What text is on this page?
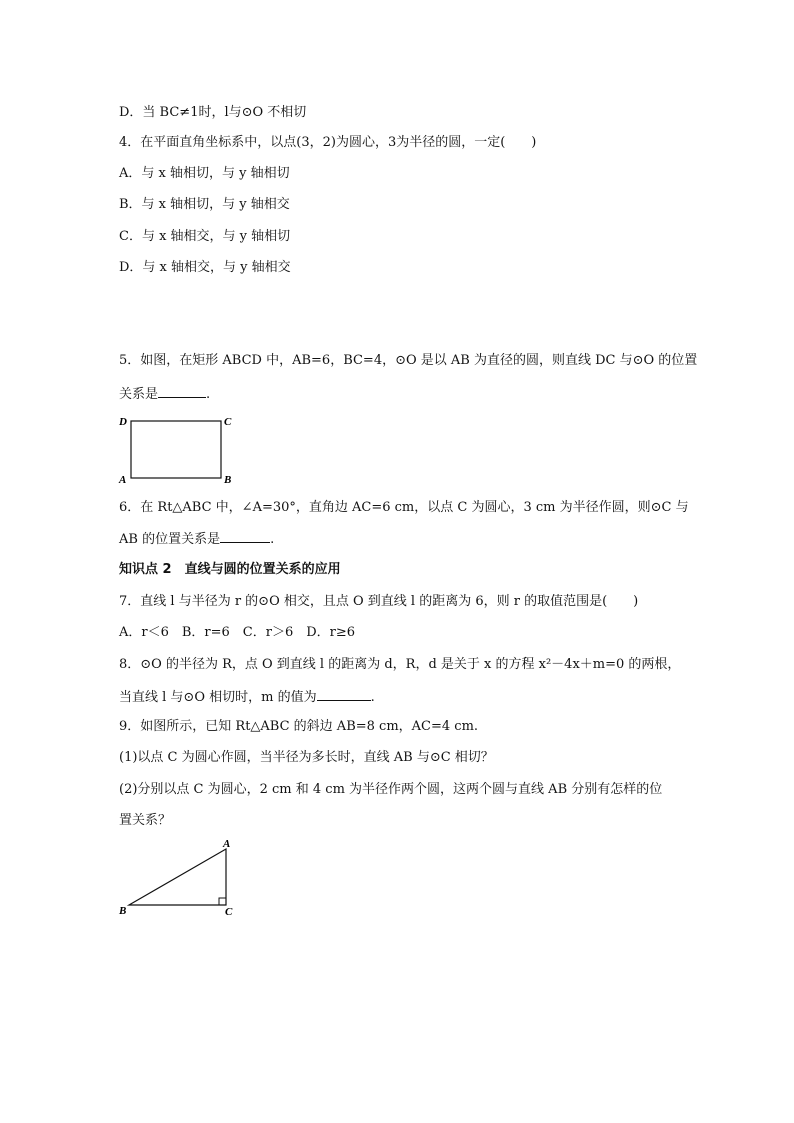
D．当 BC≠1时，l与⊙O 不相切
4．在平面直角坐标系中，以点(3，2)为圆心，3为半径的圆，一定(　　)
A．与 x 轴相切，与 y 轴相切
B．与 x 轴相切，与 y 轴相交
C．与 x 轴相交，与 y 轴相切
D．与 x 轴相交，与 y 轴相交
5．如图，在矩形 ABCD 中，AB=6，BC=4，⊙O 是以 AB 为直径的圆，则直线 DC 与⊙O 的位置
关系是	.
D	C
A	B
6．在 Rt△ABC 中，∠A=30°，直角边 AC=6 cm，以点 C 为圆心，3 cm 为半径作圆，则⊙C 与
AB 的位置关系是	.
知识点 2　直线与圆的位置关系的应用
7．直线 l 与半径为 r 的⊙O 相交，且点 O 到直线 l 的距离为 6，则 r 的取值范围是(　　)
A．r＜6　B．r=6　C．r＞6　D．r≥6
8．⊙O 的半径为 R，点 O 到直线 l 的距离为 d，R，d 是关于 x 的方程 x²－4x＋m=0 的两根，
当直线 l 与⊙O 相切时，m 的值为	.
9．如图所示，已知 Rt△ABC 的斜边 AB=8 cm，AC=4 cm.
(1)以点 C 为圆心作圆，当半径为多长时，直线 AB 与⊙C 相切？
(2)分别以点 C 为圆心，2 cm 和 4 cm 为半径作两个圆，这两个圆与直线 AB 分别有怎样的位
置关系？
A
B	C
